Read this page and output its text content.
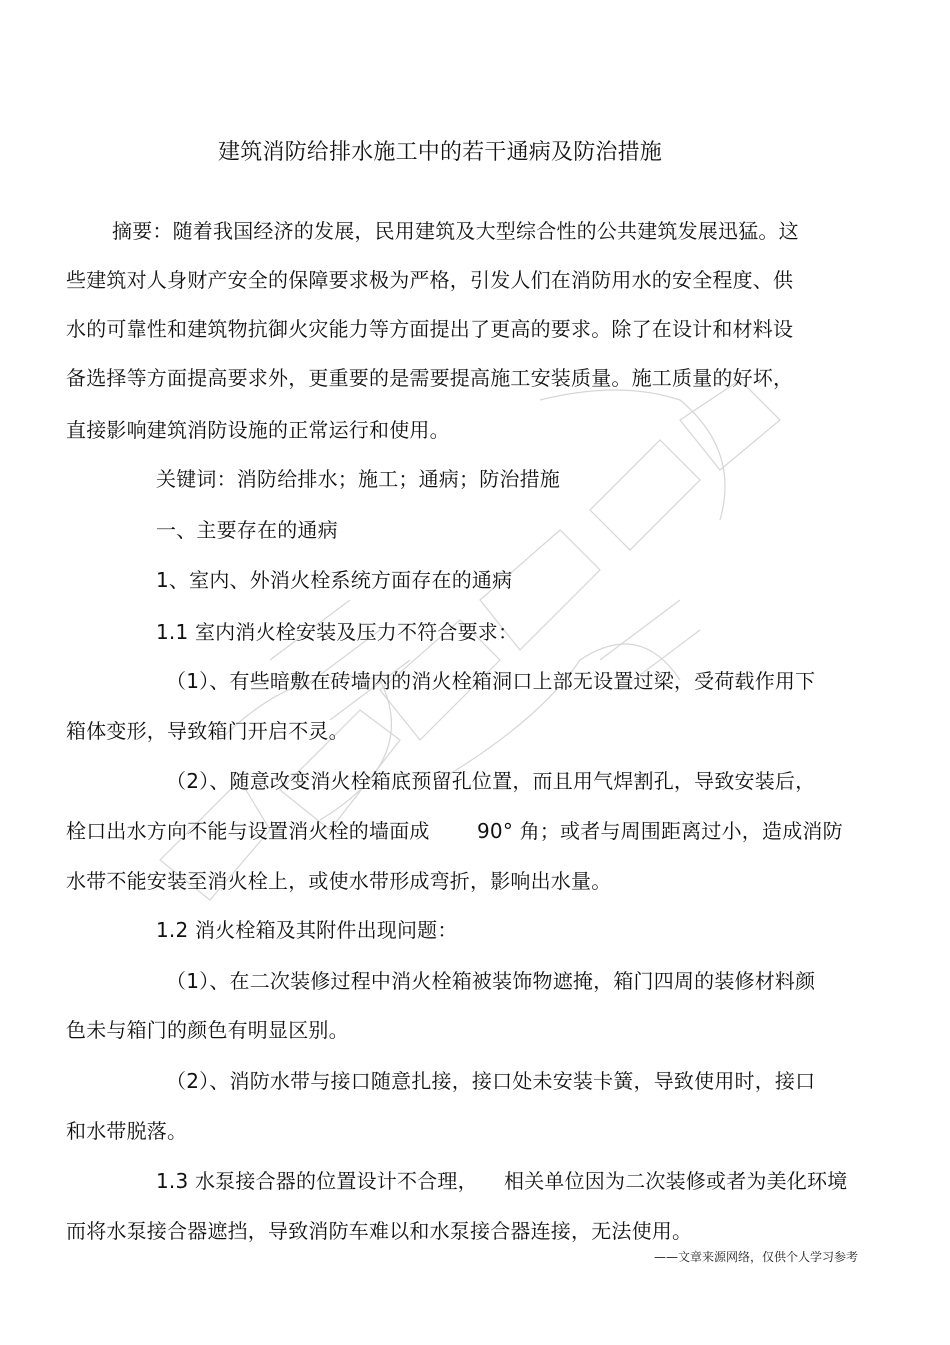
建筑消防给排水施工中的若干通病及防治措施
摘要：随着我国经济的发展，民用建筑及大型综合性的公共建筑发展迅猛。这
些建筑对人身财产安全的保障要求极为严格，引发人们在消防用水的安全程度、供
水的可靠性和建筑物抗御火灾能力等方面提出了更高的要求。除了在设计和材料设
备选择等方面提高要求外，更重要的是需要提高施工安装质量。施工质量的好坏，
直接影响建筑消防设施的正常运行和使用。
关键词：消防给排水；施工；通病；防治措施
一、主要存在的通病
1、室内、外消火栓系统方面存在的通病
1.1 室内消火栓安装及压力不符合要求：
（1）、有些暗敷在砖墙内的消火栓箱洞口上部无设置过梁，受荷载作用下
箱体变形，导致箱门开启不灵。
（2）、随意改变消火栓箱底预留孔位置，而且用气焊割孔，导致安装后，
栓口出水方向不能与设置消火栓的墙面成 90° 角；或者与周围距离过小，造成消防
水带不能安装至消火栓上，或使水带形成弯折，影响出水量。
1.2 消火栓箱及其附件出现问题：
（1）、在二次装修过程中消火栓箱被装饰物遮掩，箱门四周的装修材料颜
色未与箱门的颜色有明显区别。
（2）、消防水带与接口随意扎接，接口处未安装卡簧，导致使用时，接口
和水带脱落。
1.3 水泵接合器的位置设计不合理， 相关单位因为二次装修或者为美化环境
而将水泵接合器遮挡，导致消防车难以和水泵接合器连接，无法使用。
——文章来源网络，仅供个人学习参考
